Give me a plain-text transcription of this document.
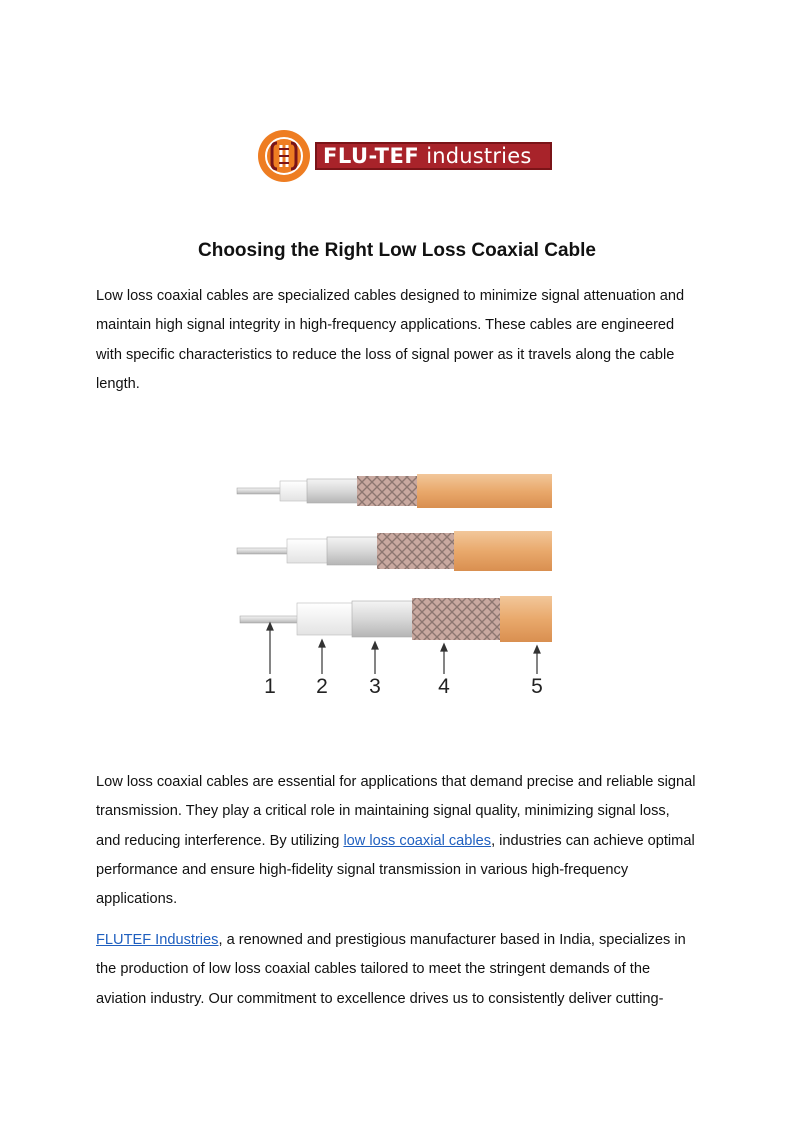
FLU-TEF industries
Choosing the Right Low Loss Coaxial Cable

Low loss coaxial cables are specialized cables designed to minimize signal attenuation and
maintain high signal integrity in high-frequency applications. These cables are engineered
with specific characteristics to reduce the loss of signal power as it travels along the cable
length.

1 2 3	4	5

Low loss coaxial cables are essential for applications that demand precise and reliable signal
transmission. They play a critical role in maintaining signal quality, minimizing signal loss,
and reducing interference. By utilizing low loss coaxial cables, industries can achieve optimal
performance and ensure high-fidelity signal transmission in various high-frequency
applications.

FLUTEF Industries, a renowned and prestigious manufacturer based in India, specializes in
the production of low loss coaxial cables tailored to meet the stringent demands of the
aviation industry. Our commitment to excellence drives us to consistently deliver cutting-
